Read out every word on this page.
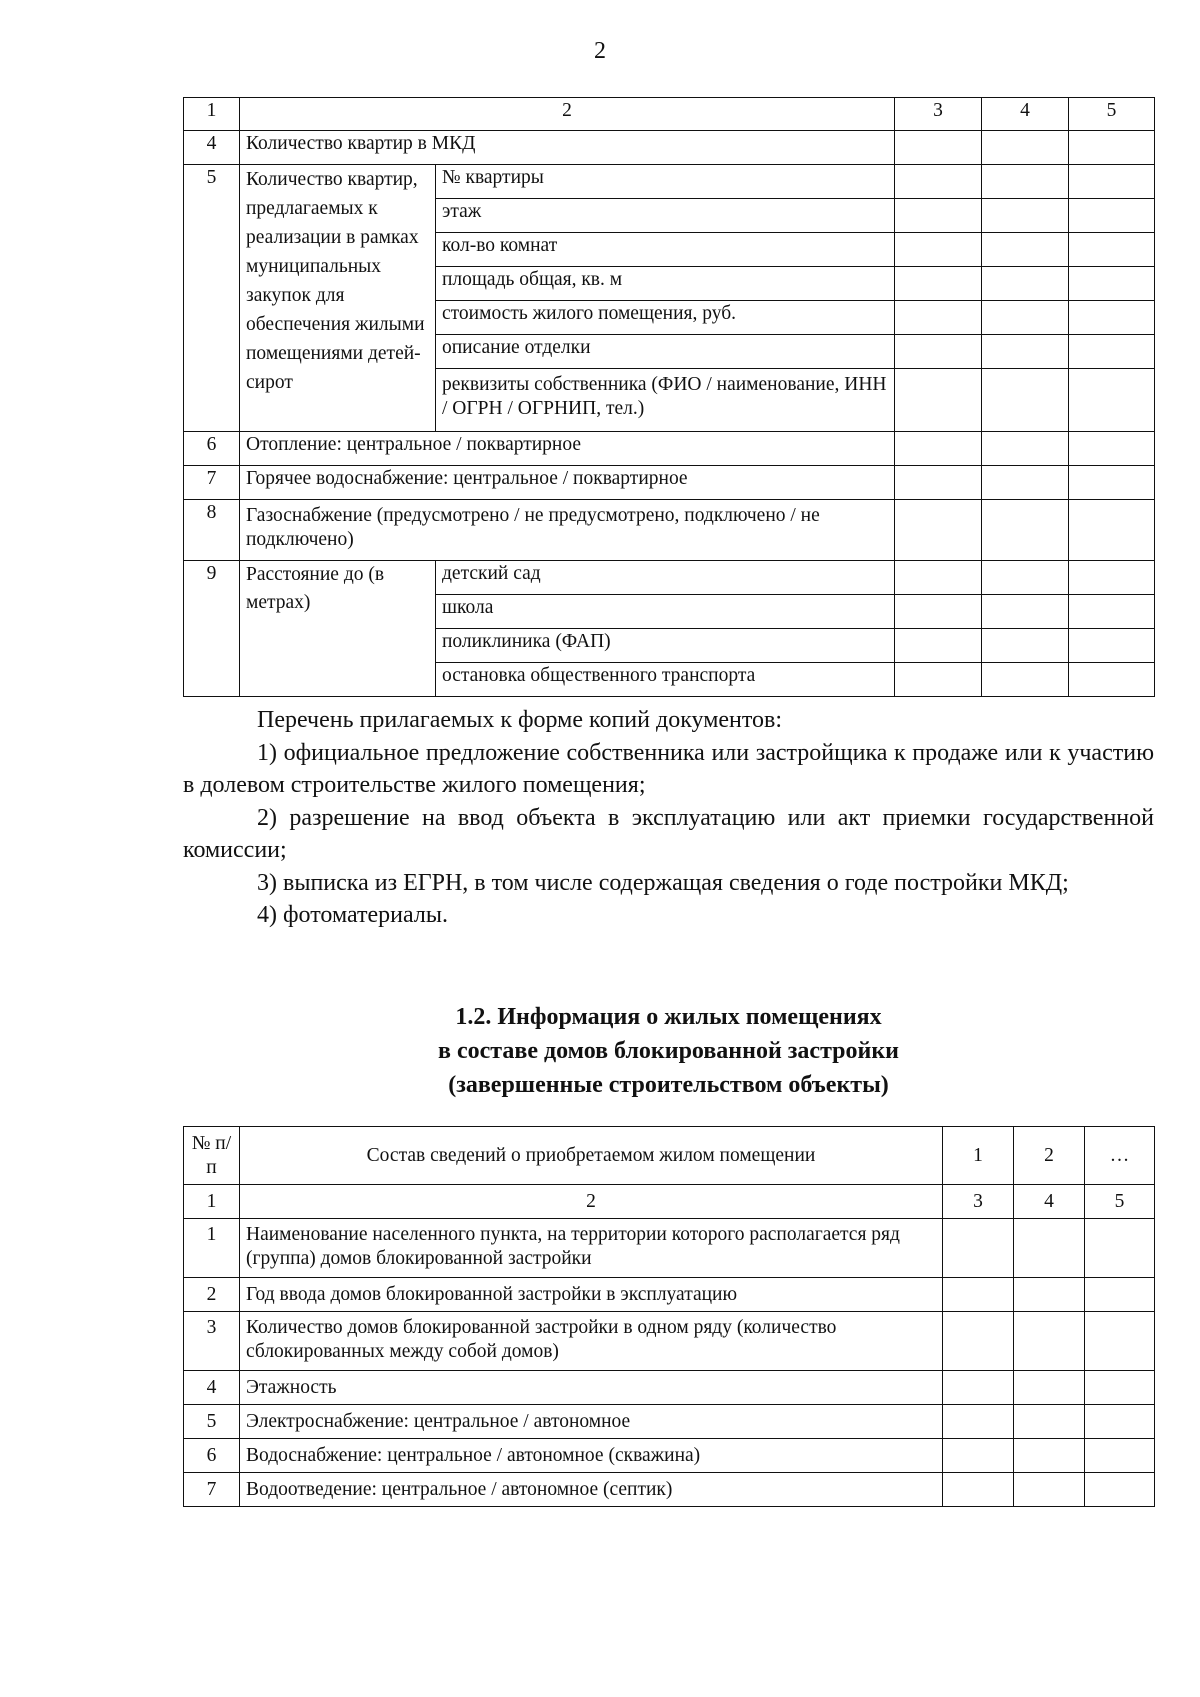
2
1	2		3	4	5
4	Количество квартир в МКД				
5	Количество квартир, предлагаемых к реализации в рамках муниципальных закупок для обеспечения жилыми помещениями детей-сирот	№ квартиры			
		этаж			
		кол-во комнат			
		площадь общая, кв. м			
		стоимость жилого помещения, руб.			
		описание отделки			
		реквизиты собственника (ФИО / наименование, ИНН / ОГРН / ОГРНИП, тел.)			
6	Отопление: центральное / поквартирное				
7	Горячее водоснабжение: центральное / поквартирное				
8	Газоснабжение (предусмотрено / не предусмотрено, подключено / не подключено)				
9	Расстояние до (в метрах)	детский сад			
		школа			
		поликлиника (ФАП)			
		остановка общественного транспорта			

Перечень прилагаемых к форме копий документов:

1) официальное предложение собственника или застройщика к продаже или к участию в долевом строительстве жилого помещения;

2) разрешение на ввод объекта в эксплуатацию или акт приемки государственной комиссии;

3) выписка из ЕГРН, в том числе содержащая сведения о годе постройки МКД;

4) фотоматериалы.

1.2. Информация о жилых помещениях
в составе домов блокированной застройки
(завершенные строительством объекты)
№ п/п	Состав сведений о приобретаемом жилом помещении	1	2	…
1	2	3	4	5
1	Наименование населенного пункта, на территории которого располагается ряд (группа) домов блокированной застройки			
2	Год ввода домов блокированной застройки в эксплуатацию			
3	Количество домов блокированной застройки в одном ряду (количество сблокированных между собой домов)			
4	Этажность			
5	Электроснабжение: центральное / автономное			
6	Водоснабжение: центральное / автономное (скважина)			
7	Водоотведение: центральное / автономное (септик)			
